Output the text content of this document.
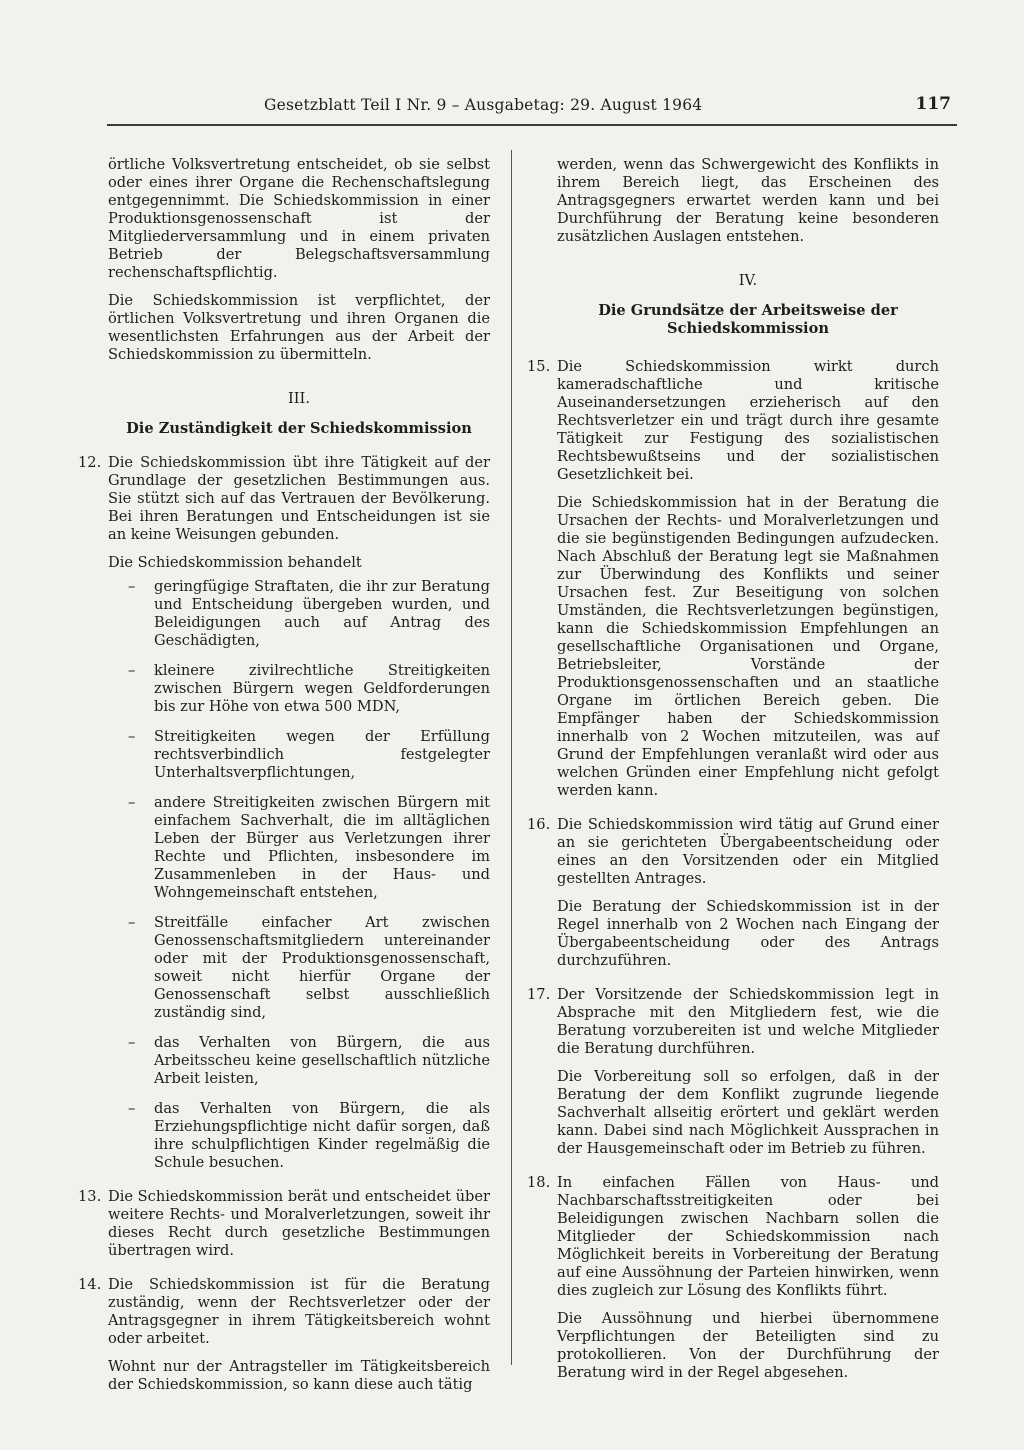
Gesetzblatt Teil I Nr. 9 – Ausgabetag: 29. August 1964	117

örtliche Volksvertretung entscheidet, ob sie selbst oder eines ihrer Organe die Rechenschaftslegung entgegennimmt. Die Schiedskommission in einer Produktionsgenossenschaft ist der Mitgliederversammlung und in einem privaten Betrieb der Belegschaftsversammlung rechenschaftspflichtig.

Die Schiedskommission ist verpflichtet, der örtlichen Volksvertretung und ihren Organen die wesentlichsten Erfahrungen aus der Arbeit der Schiedskommission zu übermitteln.

III.
Die Zuständigkeit der Schiedskommission
12. Die Schiedskommission übt ihre Tätigkeit auf der Grundlage der gesetzlichen Bestimmungen aus. Sie stützt sich auf das Vertrauen der Bevölkerung. Bei ihren Beratungen und Entscheidungen ist sie an keine Weisungen gebunden.

Die Schiedskommission behandelt

– geringfügige Straftaten, die ihr zur Beratung und Entscheidung übergeben wurden, und Beleidigungen auch auf Antrag des Geschädigten,
– kleinere zivilrechtliche Streitigkeiten zwischen Bürgern wegen Geldforderungen bis zur Höhe von etwa 500 MDN,
– Streitigkeiten wegen der Erfüllung rechtsverbindlich festgelegter Unterhaltsverpflichtungen,
– andere Streitigkeiten zwischen Bürgern mit einfachem Sachverhalt, die im alltäglichen Leben der Bürger aus Verletzungen ihrer Rechte und Pflichten, insbesondere im Zusammenleben in der Haus- und Wohngemeinschaft entstehen,
– Streitfälle einfacher Art zwischen Genossenschaftsmitgliedern untereinander oder mit der Produktionsgenossenschaft, soweit nicht hierfür Organe der Genossenschaft selbst ausschließlich zuständig sind,
– das Verhalten von Bürgern, die aus Arbeitsscheu keine gesellschaftlich nützliche Arbeit leisten,
– das Verhalten von Bürgern, die als Erziehungspflichtige nicht dafür sorgen, daß ihre schulpflichtigen Kinder regelmäßig die Schule besuchen.
13. Die Schiedskommission berät und entscheidet über weitere Rechts- und Moralverletzungen, soweit ihr dieses Recht durch gesetzliche Bestimmungen übertragen wird.

14. Die Schiedskommission ist für die Beratung zuständig, wenn der Rechtsverletzer oder der Antragsgegner in ihrem Tätigkeitsbereich wohnt oder arbeitet.

Wohnt nur der Antragsteller im Tätigkeitsbereich der Schiedskommission, so kann diese auch tätig

werden, wenn das Schwergewicht des Konflikts in ihrem Bereich liegt, das Erscheinen des Antragsgegners erwartet werden kann und bei Durchführung der Beratung keine besonderen zusätzlichen Auslagen entstehen.

IV.
Die Grundsätze der Arbeitsweise der Schiedskommission
15. Die Schiedskommission wirkt durch kameradschaftliche und kritische Auseinandersetzungen erzieherisch auf den Rechtsverletzer ein und trägt durch ihre gesamte Tätigkeit zur Festigung des sozialistischen Rechtsbewußtseins und der sozialistischen Gesetzlichkeit bei.

Die Schiedskommission hat in der Beratung die Ursachen der Rechts- und Moralverletzungen und die sie begünstigenden Bedingungen aufzudecken. Nach Abschluß der Beratung legt sie Maßnahmen zur Überwindung des Konflikts und seiner Ursachen fest. Zur Beseitigung von solchen Umständen, die Rechtsverletzungen begünstigen, kann die Schiedskommission Empfehlungen an gesellschaftliche Organisationen und Organe, Betriebsleiter, Vorstände der Produktionsgenossenschaften und an staatliche Organe im örtlichen Bereich geben. Die Empfänger haben der Schiedskommission innerhalb von 2 Wochen mitzuteilen, was auf Grund der Empfehlungen veranlaßt wird oder aus welchen Gründen einer Empfehlung nicht gefolgt werden kann.

16. Die Schiedskommission wird tätig auf Grund einer an sie gerichteten Übergabeentscheidung oder eines an den Vorsitzenden oder ein Mitglied gestellten Antrages.

Die Beratung der Schiedskommission ist in der Regel innerhalb von 2 Wochen nach Eingang der Übergabeentscheidung oder des Antrags durchzuführen.

17. Der Vorsitzende der Schiedskommission legt in Absprache mit den Mitgliedern fest, wie die Beratung vorzubereiten ist und welche Mitglieder die Beratung durchführen.

Die Vorbereitung soll so erfolgen, daß in der Beratung der dem Konflikt zugrunde liegende Sachverhalt allseitig erörtert und geklärt werden kann. Dabei sind nach Möglichkeit Aussprachen in der Hausgemeinschaft oder im Betrieb zu führen.

18. In einfachen Fällen von Haus- und Nachbarschaftsstreitigkeiten oder bei Beleidigungen zwischen Nachbarn sollen die Mitglieder der Schiedskommission nach Möglichkeit bereits in Vorbereitung der Beratung auf eine Aussöhnung der Parteien hinwirken, wenn dies zugleich zur Lösung des Konflikts führt.

Die Aussöhnung und hierbei übernommene Verpflichtungen der Beteiligten sind zu protokollieren. Von der Durchführung der Beratung wird in der Regel abgesehen.
